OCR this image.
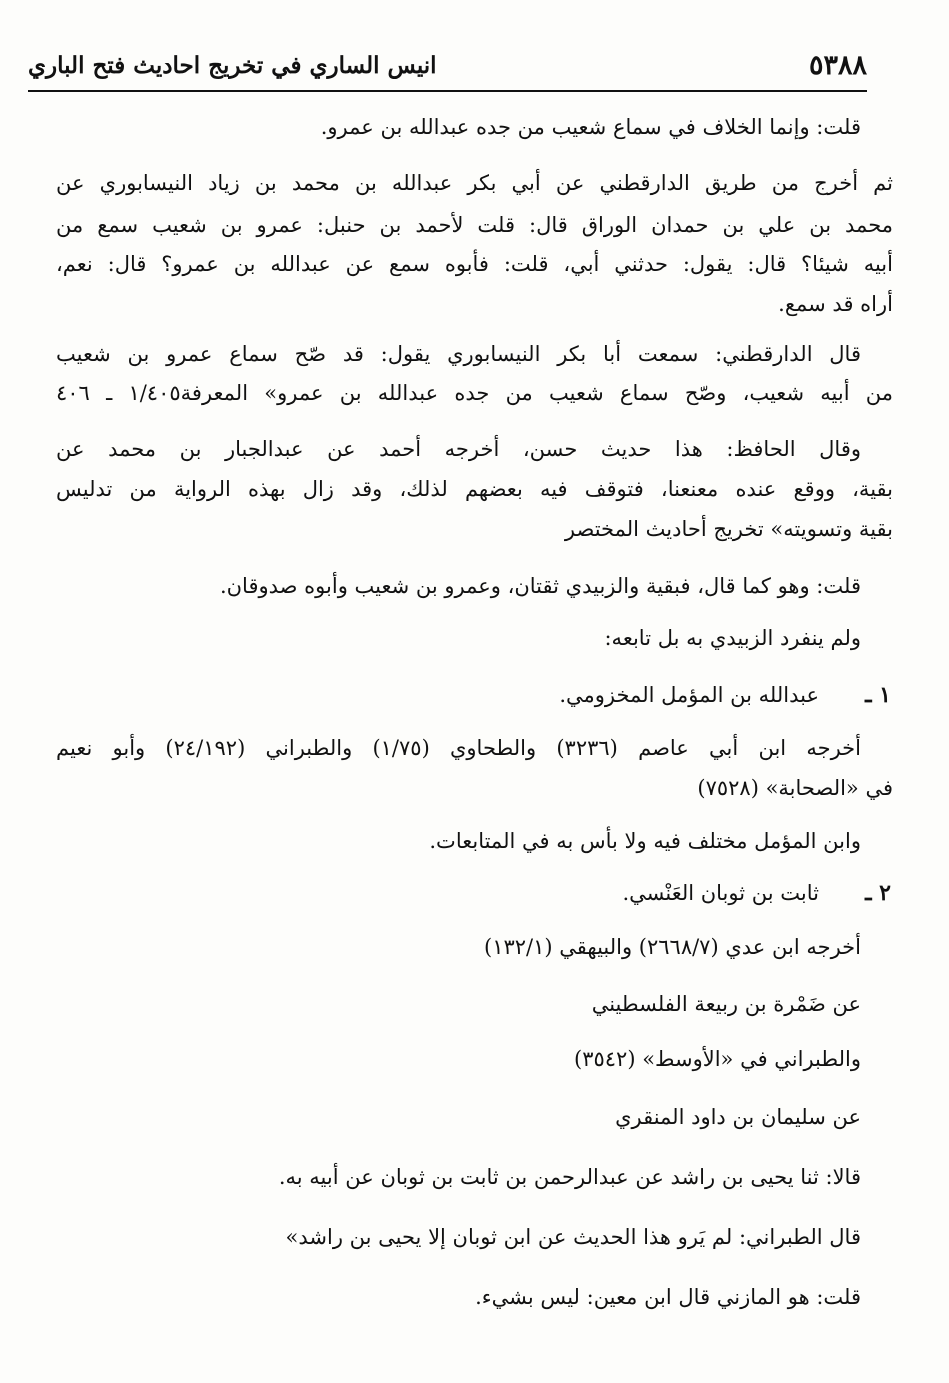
٥٣٨٨
انيس الساري في تخريج احاديث فتح الباري
قلت: وإنما الخلاف في سماع شعيب من جده عبدالله بن عمرو.
ثم أخرج من طريق الدارقطني عن أبي بكر عبدالله بن محمد بن زياد النيسابوري عن
محمد بن علي بن حمدان الوراق قال: قلت لأحمد بن حنبل: عمرو بن شعيب سمع من
أبيه شيئا؟ قال: يقول: حدثني أبي، قلت: فأبوه سمع عن عبدالله بن عمرو؟ قال: نعم،
أراه قد سمع.
قال الدارقطني: سمعت أبا بكر النيسابوري يقول: قد صّح سماع عمرو بن شعيب
من أبيه شعيب، وصّح سماع شعيب من جده عبدالله بن عمرو» المعرفة١/٤٠٥ ـ ٤٠٦
وقال الحافظ: هذا حديث حسن، أخرجه أحمد عن عبدالجبار بن محمد عن
بقية، ووقع عنده معنعنا، فتوقف فيه بعضهم لذلك، وقد زال بهذه الرواية من تدليس
بقية وتسويته» تخريج أحاديث المختصر
قلت: وهو كما قال، فبقية والزبيدي ثقتان، وعمرو بن شعيب وأبوه صدوقان.
ولم ينفرد الزبيدي به بل تابعه:
١ ـ
عبدالله بن المؤمل المخزومي.
أخرجه ابن أبي عاصم (٣٢٣٦) والطحاوي (١/٧٥) والطبراني (٢٤/١٩٢) وأبو نعيم
في «الصحابة» (٧٥٢٨)
وابن المؤمل مختلف فيه ولا بأس به في المتابعات.
٢ ـ
ثابت بن ثوبان العَنْسي.
أخرجه ابن عدي (٢٦٦٨/٧) والبيهقي (١٣٢/١)
عن ضَمْرة بن ربيعة الفلسطيني
والطبراني في «الأوسط» (٣٥٤٢)
عن سليمان بن داود المنقري
قالا: ثنا يحيى بن راشد عن عبدالرحمن بن ثابت بن ثوبان عن أبيه به.
قال الطبراني: لم يَرو هذا الحديث عن ابن ثوبان إلا يحيى بن راشد»
قلت: هو المازني قال ابن معين: ليس بشيء.
